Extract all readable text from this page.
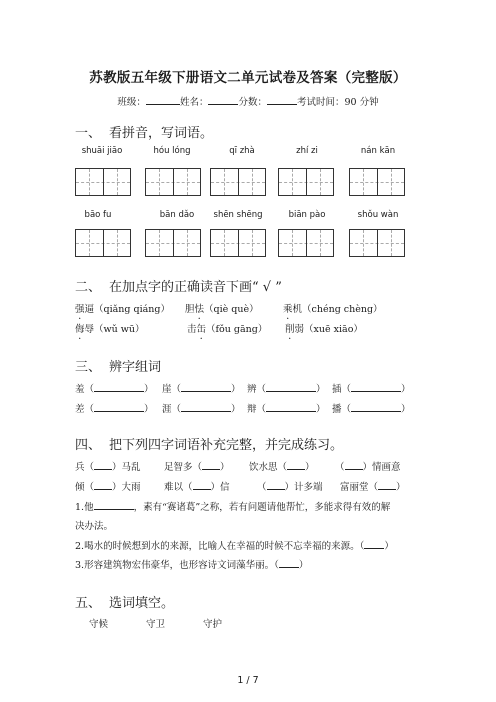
苏教版五年级下册语文二单元试卷及答案（完整版）
班级：	姓名：	分数：	考试时间：90 分钟
一、 看拼音，写词语。
shuāi jiāo	hóu lóng	qī zhà	zhí zi	nán kān
bāo fu	bān dǎo	shēn shēng	biān pào	shǒu wàn
二、 在加点字的正确读音下画“ √ ”
强逼（qiǎng qiáng） 胆怯（qiè què）	乘机（chéng chèng）
侮辱（wǔ wū）	击缶（fǒu gāng） 削弱（xuē xiāo）
三、 辨字组词
羞（	） 崖（	） 辨（	） 插（	）
差（	） 涯（	） 辩（	） 播（	）
四、 把下列四字词语补充完整，并完成练习。
兵（ ）马乱 足智多（ ） 饮水思（ ） （ ）情画意
倾（ ）大雨 难以（ ）信	（ ）计多端 富丽堂（ ）
1.他	，素有“赛诸葛”之称，若有问题请他帮忙，多能求得有效的解
决办法。
2.喝水的时候想到水的来源，比喻人在幸福的时候不忘幸福的来源。（ ）
3.形容建筑物宏伟豪华，也形容诗文词藻华丽。（ ）
五、 选词填空。
守候	守卫	守护
1 / 7
